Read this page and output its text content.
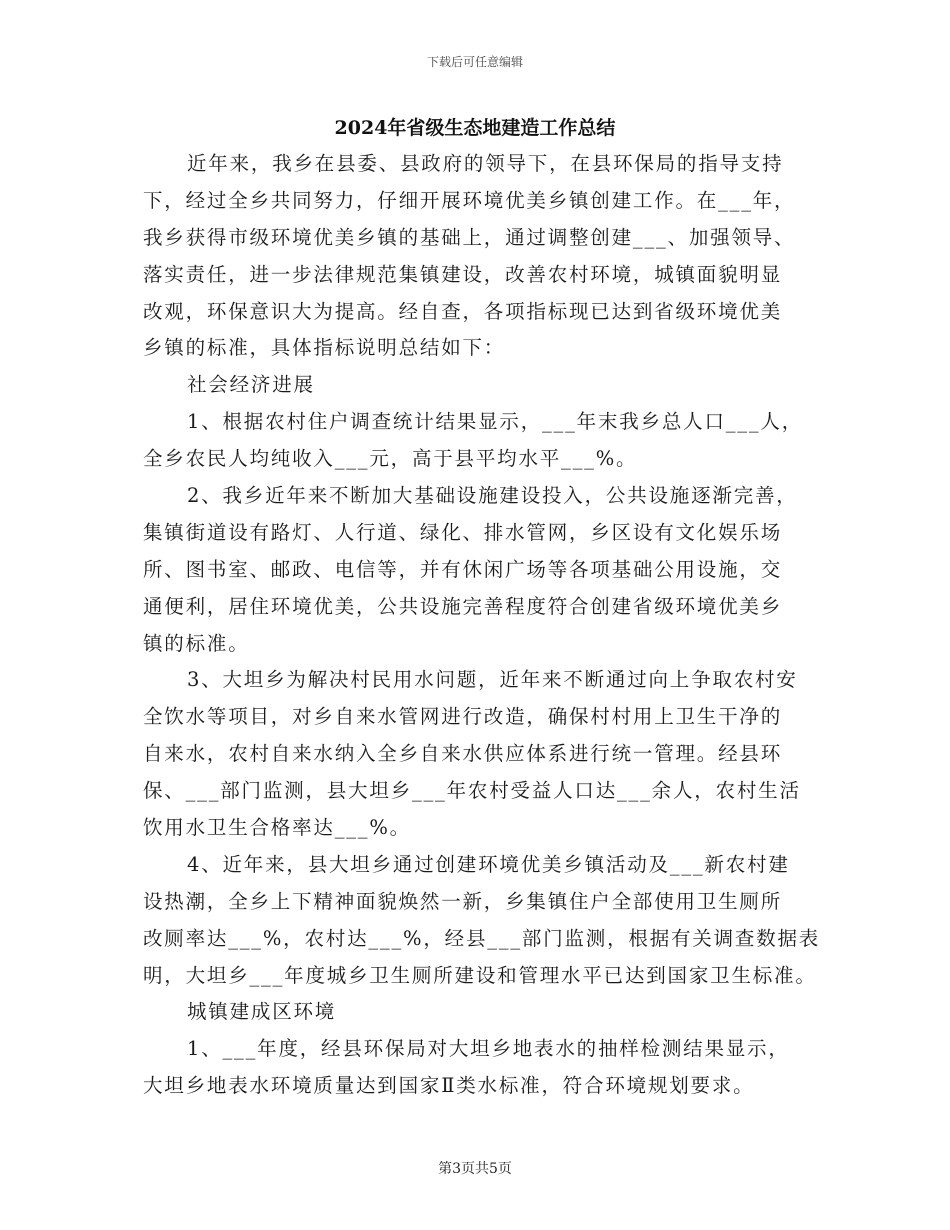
下载后可任意编辑
2024年省级生态地建造工作总结
近年来，我乡在县委、县政府的领导下，在县环保局的指导支持
下，经过全乡共同努力，仔细开展环境优美乡镇创建工作。在___年，
我乡获得市级环境优美乡镇的基础上，通过调整创建___、加强领导、
落实责任，进一步法律规范集镇建设，改善农村环境，城镇面貌明显
改观，环保意识大为提高。经自查，各项指标现已达到省级环境优美
乡镇的标准，具体指标说明总结如下：
社会经济进展
1、根据农村住户调查统计结果显示，___年末我乡总人口___人，
全乡农民人均纯收入___元，高于县平均水平___%。
2、我乡近年来不断加大基础设施建设投入，公共设施逐渐完善，
集镇街道设有路灯、人行道、绿化、排水管网，乡区设有文化娱乐场
所、图书室、邮政、电信等，并有休闲广场等各项基础公用设施，交
通便利，居住环境优美，公共设施完善程度符合创建省级环境优美乡
镇的标准。
3、大坦乡为解决村民用水问题，近年来不断通过向上争取农村安
全饮水等项目，对乡自来水管网进行改造，确保村村用上卫生干净的
自来水，农村自来水纳入全乡自来水供应体系进行统一管理。经县环
保、___部门监测，县大坦乡___年农村受益人口达___余人，农村生活
饮用水卫生合格率达___%。
4、近年来，县大坦乡通过创建环境优美乡镇活动及___新农村建
设热潮，全乡上下精神面貌焕然一新，乡集镇住户全部使用卫生厕所
改厕率达___%，农村达___%，经县___部门监测，根据有关调查数据表
明，大坦乡___年度城乡卫生厕所建设和管理水平已达到国家卫生标准。
城镇建成区环境
1、___年度，经县环保局对大坦乡地表水的抽样检测结果显示，
大坦乡地表水环境质量达到国家Ⅱ类水标准，符合环境规划要求。
第3页共5页
